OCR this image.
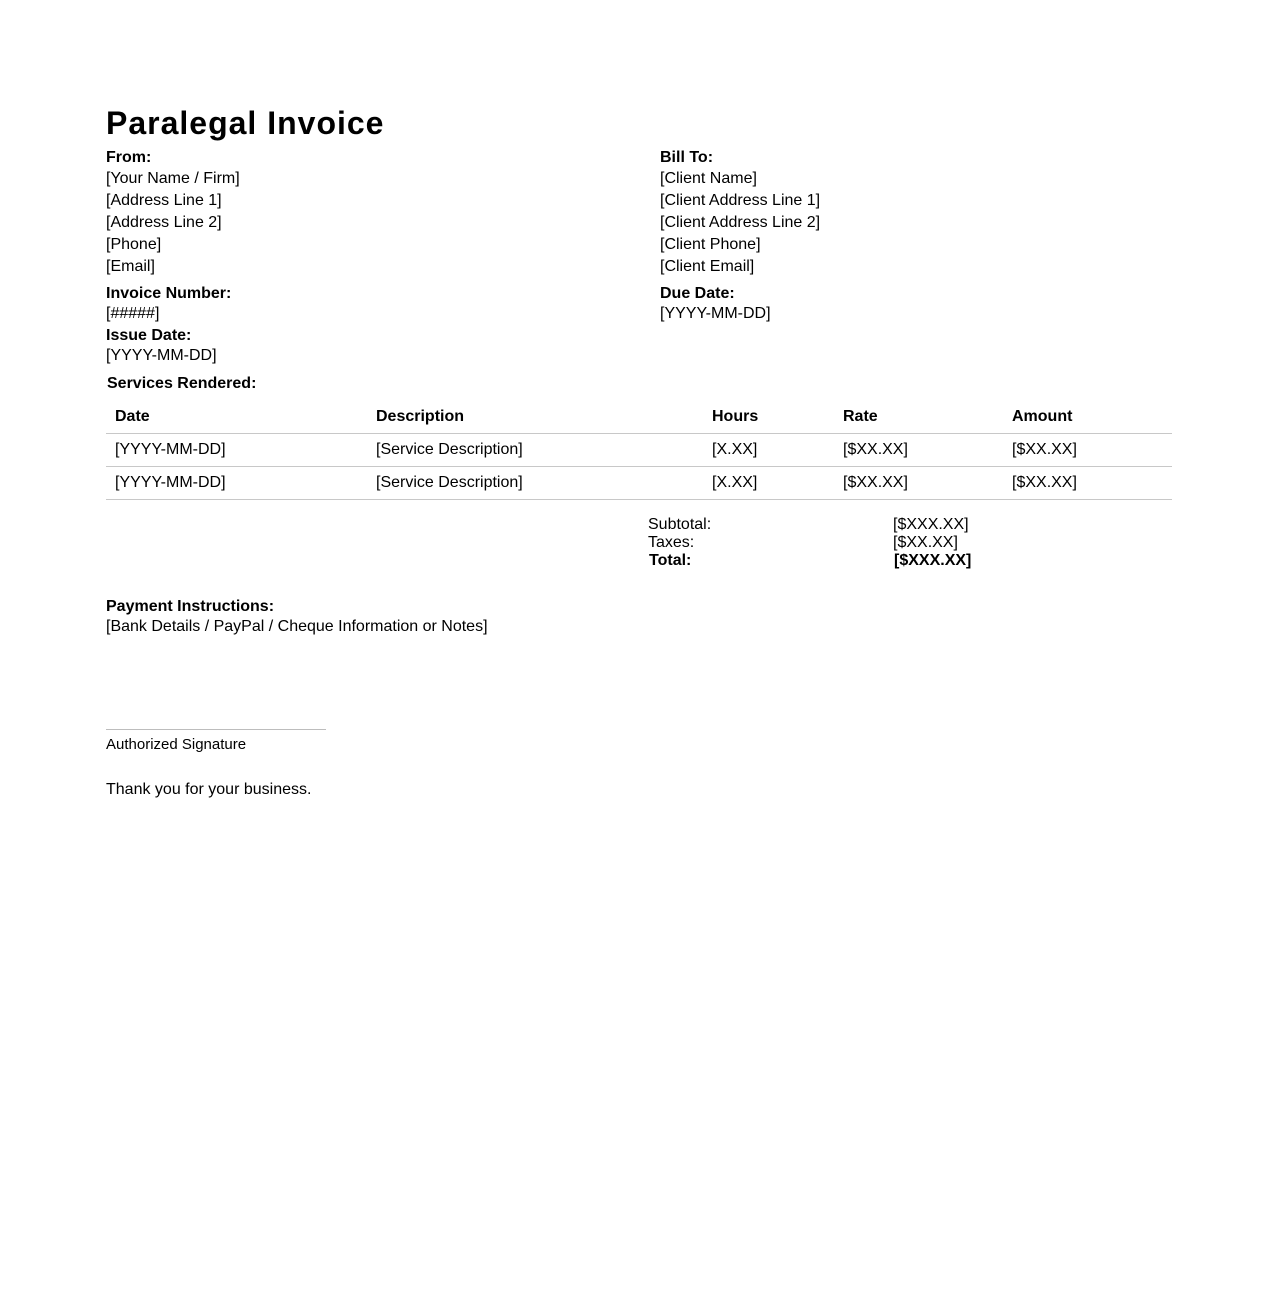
Paralegal Invoice
From:
[Your Name / Firm]
[Address Line 1]
[Address Line 2]
[Phone]
[Email]
Bill To:
[Client Name]
[Client Address Line 1]
[Client Address Line 2]
[Client Phone]
[Client Email]
Invoice Number:
[#####]
Issue Date:
[YYYY-MM-DD]
Due Date:
[YYYY-MM-DD]
Services Rendered:
Date	Description	Hours	Rate	Amount
[YYYY-MM-DD]	[Service Description]	[X.XX]	[$XX.XX]	[$XX.XX]
[YYYY-MM-DD]	[Service Description]	[X.XX]	[$XX.XX]	[$XX.XX]
Subtotal:	[$XXX.XX]
Taxes:	[$XX.XX]
Total:	[$XXX.XX]
Payment Instructions:
[Bank Details / PayPal / Cheque Information or Notes]
Authorized Signature
Thank you for your business.
